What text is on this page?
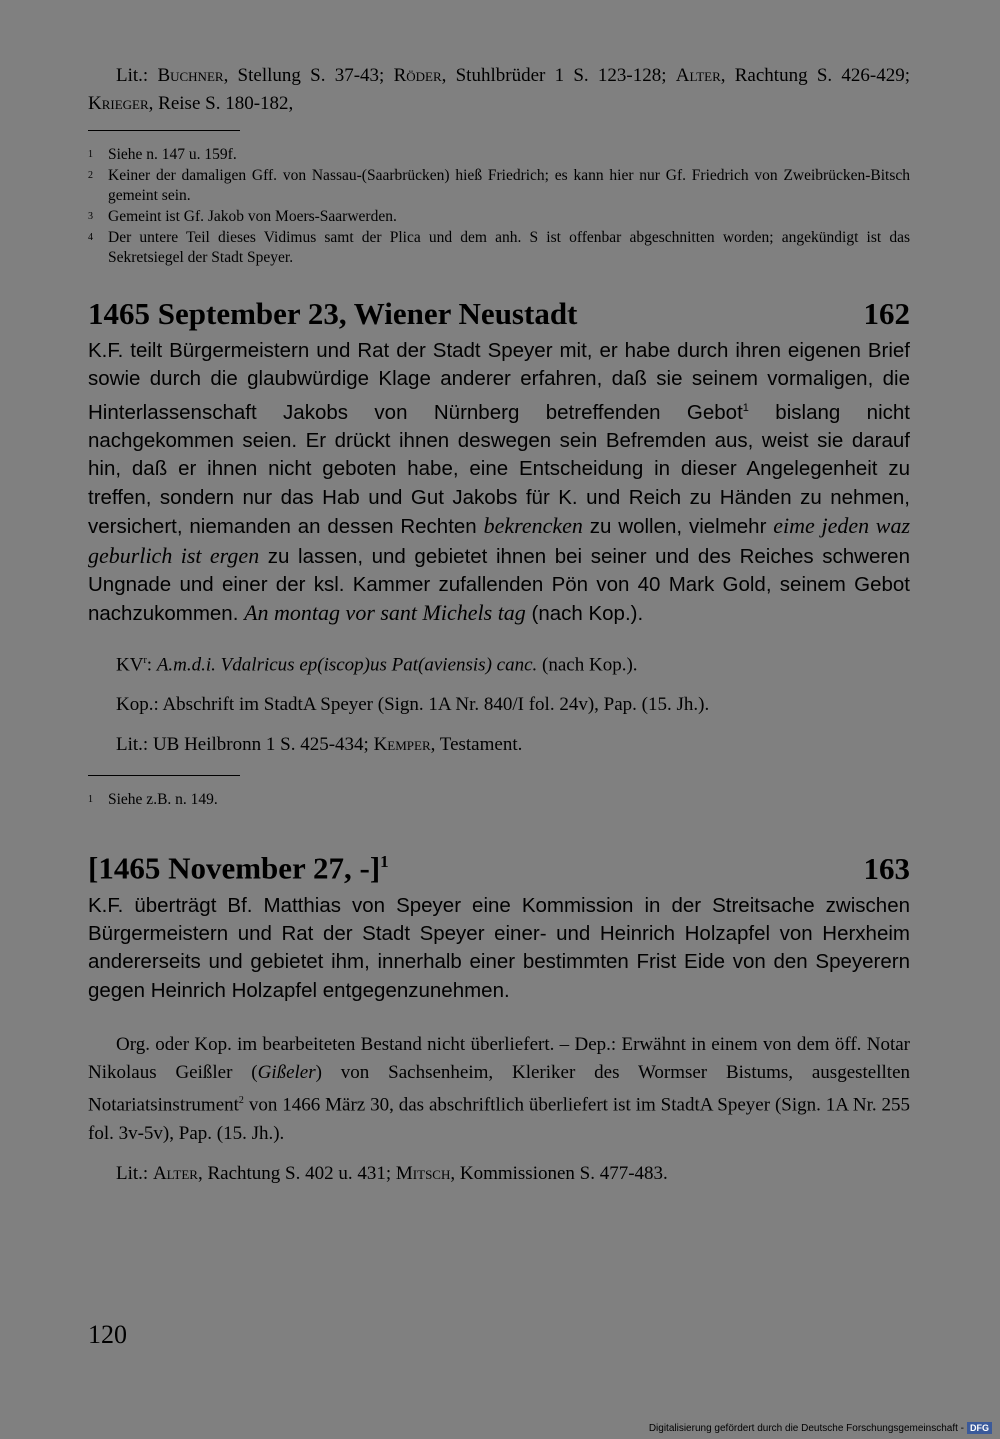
Lit.: Buchner, Stellung S. 37-43; Röder, Stuhlbrüder 1 S. 123-128; Alter, Rachtung S. 426-429; Krieger, Reise S. 180-182,

$^1$ Siehe n. 147 u. 159f.

$^2$ Keiner der damaligen Gff. von Nassau-(Saarbrücken) hieß Friedrich; es kann hier nur Gf. Friedrich von Zweibrücken-Bitsch gemeint sein.

$^3$ Gemeint ist Gf. Jakob von Moers-Saarwerden.

$^4$ Der untere Teil dieses Vidimus samt der Plica und dem anh. S ist offenbar abgeschnitten worden; angekündigt ist das Sekretsiegel der Stadt Speyer.

1465 September 23, Wiener Neustadt	162

K.F. teilt Bürgermeistern und Rat der Stadt Speyer mit, er habe durch ihren eigenen Brief sowie durch die glaubwürdige Klage anderer erfahren, daß sie seinem vormaligen, die Hinterlassenschaft Jakobs von Nürnberg betreffenden Gebot$^1$ bislang nicht nachgekommen seien. Er drückt ihnen deswegen sein Befremden aus, weist sie darauf hin, daß er ihnen nicht geboten habe, eine Entscheidung in dieser Angelegenheit zu treffen, sondern nur das Hab und Gut Jakobs für K. und Reich zu Händen zu nehmen, versichert, niemanden an dessen Rechten bekrencken zu wollen, vielmehr eime jeden waz geburlich ist ergen zu lassen, und gebietet ihnen bei seiner und des Reiches schweren Ungnade und einer der ksl. Kammer zufallenden Pön von 40 Mark Gold, seinem Gebot nachzukommen. An montag vor sant Michels tag (nach Kop.).

$KV^r$: A.m.d.i. Vdalricus ep(iscop)us Pat(aviensis) canc. (nach Kop.).

Kop.: Abschrift im StadtA Speyer (Sign. 1A Nr. 840/I fol. 24v), Pap. (15. Jh.).

Lit.: UB Heilbronn 1 S. 425-434; Kemper, Testament.

$^1$ Siehe z.B. n. 149.

[1465 November 27, -]$^1$	163

K.F. überträgt Bf. Matthias von Speyer eine Kommission in der Streitsache zwischen Bürgermeistern und Rat der Stadt Speyer einer- und Heinrich Holzapfel von Herxheim andererseits und gebietet ihm, innerhalb einer bestimmten Frist Eide von den Speyerern gegen Heinrich Holzapfel entgegenzunehmen.

Org. oder Kop. im bearbeiteten Bestand nicht überliefert. – Dep.: Erwähnt in einem von dem öff. Notar Nikolaus Geißler (Gißeler) von Sachsenheim, Kleriker des Wormser Bistums, ausgestellten Notariatsinstrument$^2$ von 1466 März 30, das abschriftlich überliefert ist im StadtA Speyer (Sign. 1A Nr. 255 fol. 3v-5v), Pap. (15. Jh.).

Lit.: Alter, Rachtung S. 402 u. 431; Mitsch, Kommissionen S. 477-483.

120
Digitalisierung gefördert durch die Deutsche Forschungsgemeinschaft - DFG
